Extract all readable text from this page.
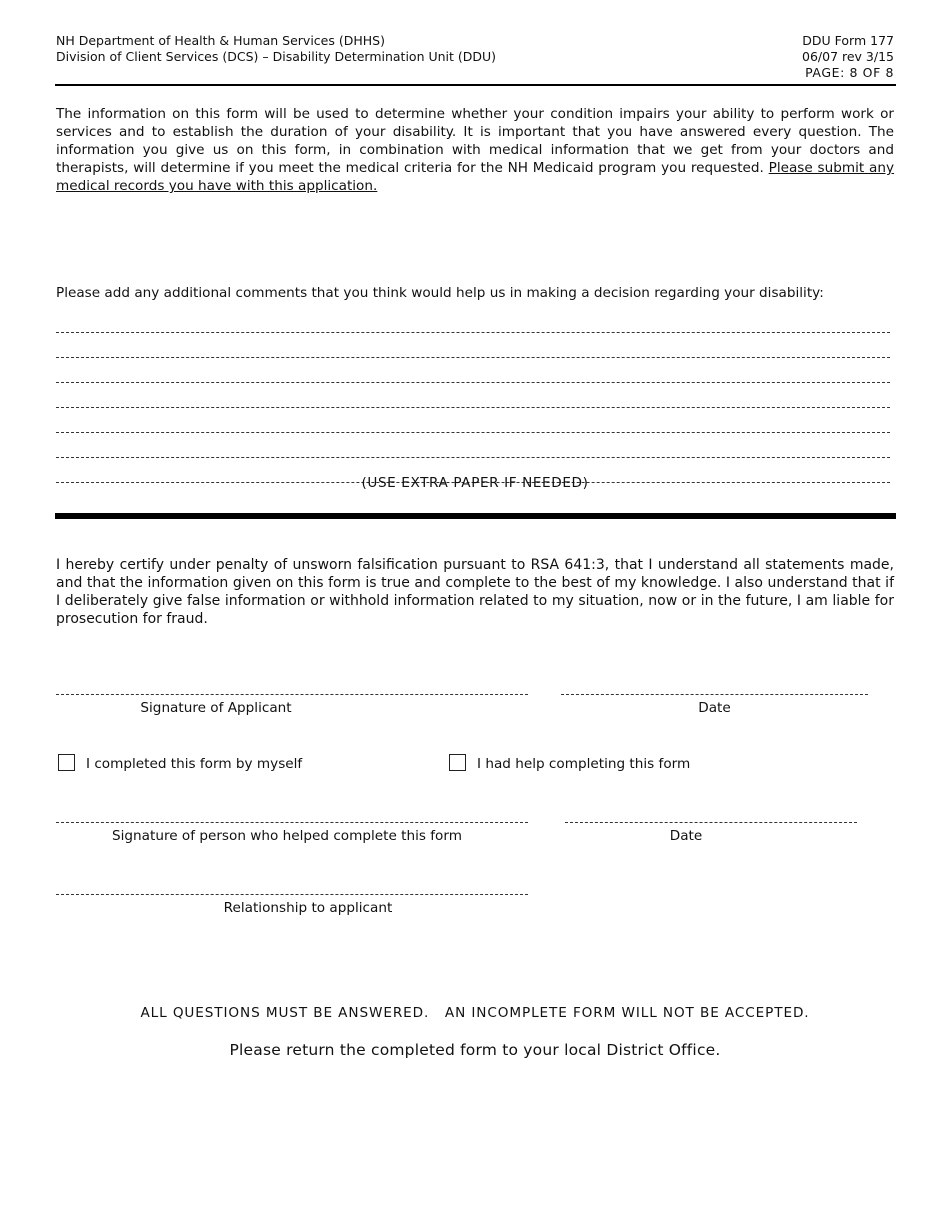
NH Department of Health & Human Services (DHHS)
Division of Client Services (DCS) – Disability Determination Unit (DDU)
DDU Form 177
06/07 rev 3/15
PAGE: 8 OF 8
The information on this form will be used to determine whether your condition impairs your ability to perform work or services and to establish the duration of your disability. It is important that you have answered every question. The information you give us on this form, in combination with medical information that we get from your doctors and therapists, will determine if you meet the medical criteria for the NH Medicaid program you requested. Please submit any medical records you have with this application.
Please add any additional comments that you think would help us in making a decision regarding your disability:
(USE EXTRA PAPER IF NEEDED)
I hereby certify under penalty of unsworn falsification pursuant to RSA 641:3, that I understand all statements made, and that the information given on this form is true and complete to the best of my knowledge. I also understand that if I deliberately give false information or withhold information related to my situation, now or in the future, I am liable for prosecution for fraud.
Signature of Applicant	Date
I completed this form by myself	I had help completing this form
Signature of person who helped complete this form	Date
Relationship to applicant
ALL QUESTIONS MUST BE ANSWERED.   AN INCOMPLETE FORM WILL NOT BE ACCEPTED.
Please return the completed form to your local District Office.
